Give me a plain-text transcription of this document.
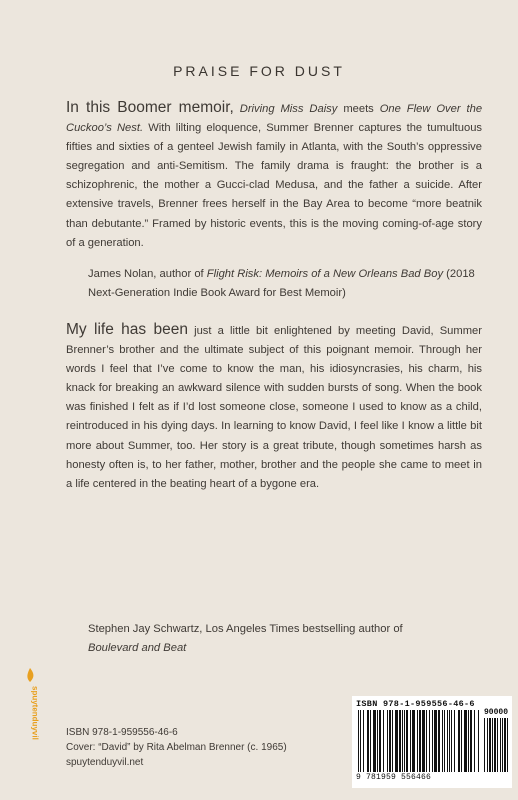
PRAISE FOR DUST
In this Boomer memoir, Driving Miss Daisy meets One Flew Over the Cuckoo’s Nest. With lilting eloquence, Summer Brenner captures the tumultuous fifties and sixties of a genteel Jewish family in Atlanta, with the South’s oppressive segregation and anti-Semitism. The family drama is fraught: the brother is a schizophrenic, the mother a Gucci-clad Medusa, and the father a suicide. After extensive travels, Brenner frees herself in the Bay Area to become “more beatnik than debutante.” Framed by historic events, this is the moving coming-of-age story of a generation.
James Nolan, author of Flight Risk: Memoirs of a New Orleans Bad Boy (2018 Next-Generation Indie Book Award for Best Memoir)
My life has been just a little bit enlightened by meeting David, Summer Brenner’s brother and the ultimate subject of this poignant memoir. Through her words I feel that I’ve come to know the man, his idiosyncrasies, his charm, his knack for breaking an awkward silence with sudden bursts of song. When the book was finished I felt as if I’d lost someone close, someone I used to know as a child, reintroduced in his dying days. In learning to know David, I feel like I know a little bit more about Summer, too. Her story is a great tribute, though sometimes harsh as honesty often is, to her father, mother, brother and the people she came to meet in a life centered in the beating heart of a bygone era.
Stephen Jay Schwartz, Los Angeles Times bestselling author of
Boulevard and Beat
spuytenduyvil	ISBN 978-1-959556-46-6
Cover: “David” by Rita Abelman Brenner (c. 1965)
spuytenduyvil.net
ISBN 978-1-959556-46-6
90000
9 781959 556466
